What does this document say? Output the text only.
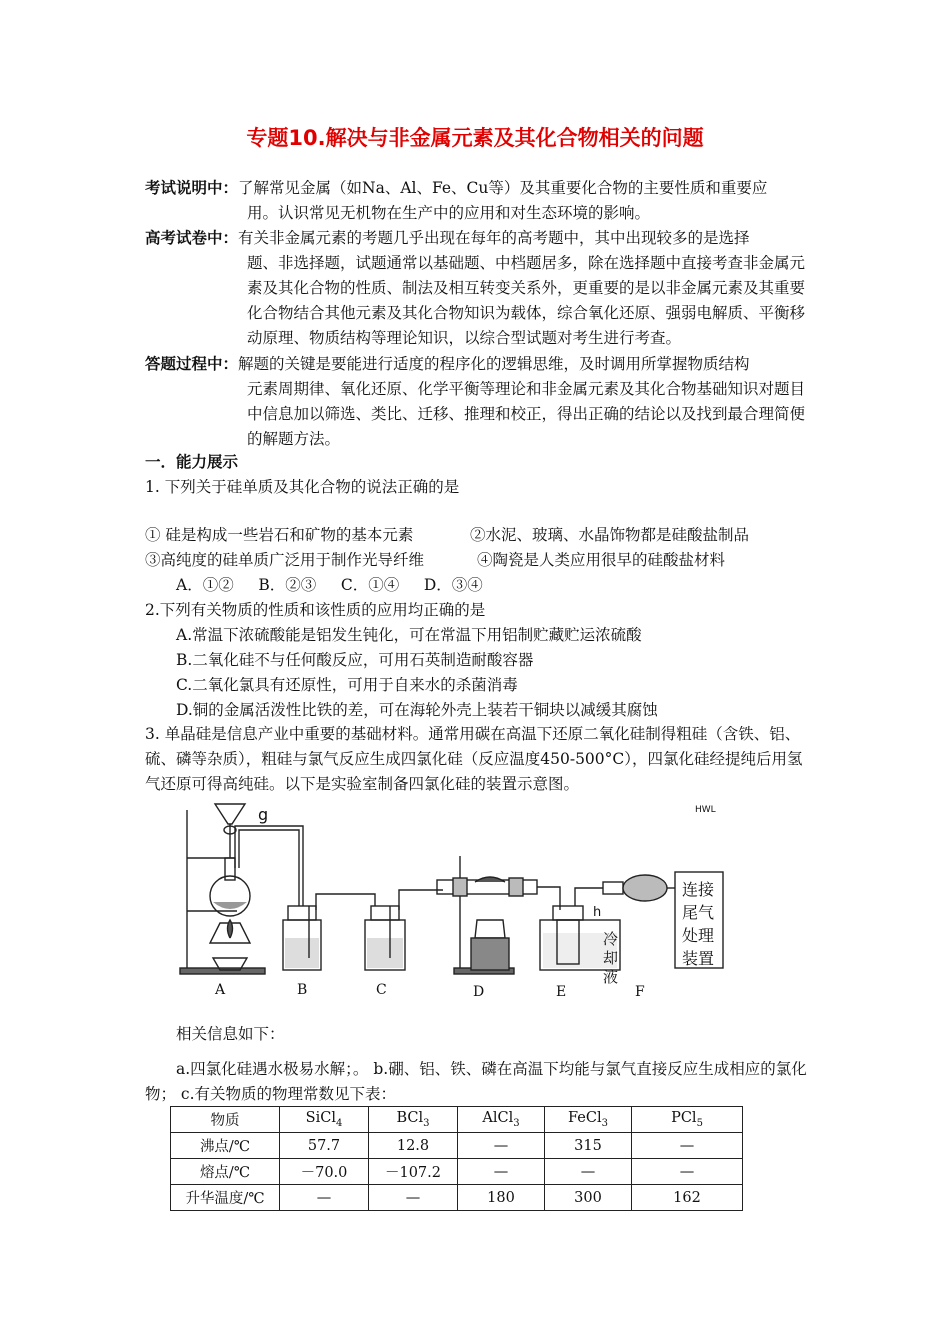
专题10.解决与非金属元素及其化合物相关的问题
考试说明中：了解常见金属（如Na、Al、Fe、Cu等）及其重要化合物的主要性质和重要应
用。认识常见无机物在生产中的应用和对生态环境的影响。
高考试卷中：有关非金属元素的考题几乎出现在每年的高考题中，其中出现较多的是选择
题、非选择题，试题通常以基础题、中档题居多，除在选择题中直接考查非金属元素及其化合物的性质、制法及相互转变关系外，更重要的是以非金属元素及其重要化合物结合其他元素及其化合物知识为载体，综合氧化还原、强弱电解质、平衡移动原理、物质结构等理论知识，以综合型试题对考生进行考查。
答题过程中：解题的关键是要能进行适度的程序化的逻辑思维，及时调用所掌握物质结构
元素周期律、氧化还原、化学平衡等理论和非金属元素及其化合物基础知识对题目中信息加以筛选、类比、迁移、推理和校正，得出正确的结论以及找到最合理简便的解题方法。
一．能力展示
1. 下列关于硅单质及其化合物的说法正确的是
① 硅是构成一些岩石和矿物的基本元素	②水泥、玻璃、水晶饰物都是硅酸盐制品
③高纯度的硅单质广泛用于制作光导纤维	④陶瓷是人类应用很早的硅酸盐材料
A．①②     B．②③     C．①④     D．③④
2.下列有关物质的性质和该性质的应用均正确的是
A.常温下浓硫酸能是铝发生钝化，可在常温下用铝制贮藏贮运浓硫酸
B.二氧化硅不与任何酸反应，可用石英制造耐酸容器
C.二氧化氯具有还原性，可用于自来水的杀菌消毒
D.铜的金属活泼性比铁的差，可在海轮外壳上装若干铜块以减缓其腐蚀
3. 单晶硅是信息产业中重要的基础材料。通常用碳在高温下还原二氧化硅制得粗硅（含铁、铝、硫、磷等杂质），粗硅与氯气反应生成四氯化硅（反应温度450-500°C），四氯化硅经提纯后用氢气还原可得高纯硅。以下是实验室制备四氯化硅的装置示意图。
g	HWL
h
A	B	C	D	E	F
冷却液
连接尾气处理装置
相关信息如下：
a.四氯化硅遇水极易水解；。 b.硼、铝、铁、磷在高温下均能与氯气直接反应生成相应的氯化物； c.有关物质的物理常数见下表：
物质	SiCl$_4$	BCl$_3$	AlCl$_3$	FeCl$_3$	PCl$_5$
沸点/℃	57.7	12.8	—	315	—
熔点/℃	－70.0	－107.2	—	—	—
升华温度/℃	—	—	180	300	162
